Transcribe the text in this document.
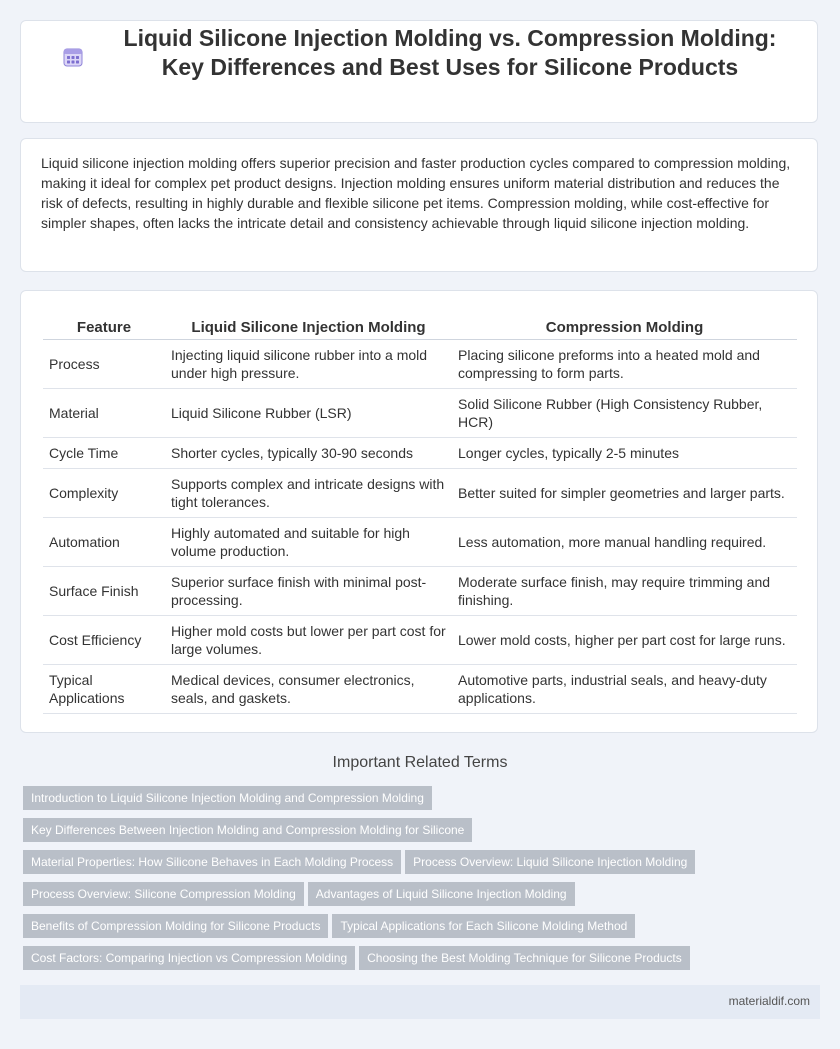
Liquid Silicone Injection Molding vs. Compression Molding: Key Differences and Best Uses for Silicone Products

Liquid silicone injection molding offers superior precision and faster production cycles compared to compression molding, making it ideal for complex pet product designs. Injection molding ensures uniform material distribution and reduces the risk of defects, resulting in highly durable and flexible silicone pet items. Compression molding, while cost-effective for simpler shapes, often lacks the intricate detail and consistency achievable through liquid silicone injection molding.

Feature	Liquid Silicone Injection Molding	Compression Molding
Process	Injecting liquid silicone rubber into a mold under high pressure.	Placing silicone preforms into a heated mold and compressing to form parts.
Material	Liquid Silicone Rubber (LSR)	Solid Silicone Rubber (High Consistency Rubber, HCR)
Cycle Time	Shorter cycles, typically 30-90 seconds	Longer cycles, typically 2-5 minutes
Complexity	Supports complex and intricate designs with tight tolerances.	Better suited for simpler geometries and larger parts.
Automation	Highly automated and suitable for high volume production.	Less automation, more manual handling required.
Surface Finish	Superior surface finish with minimal post-processing.	Moderate surface finish, may require trimming and finishing.
Cost Efficiency	Higher mold costs but lower per part cost for large volumes.	Lower mold costs, higher per part cost for large runs.
Typical Applications	Medical devices, consumer electronics, seals, and gaskets.	Automotive parts, industrial seals, and heavy-duty applications.
Important Related Terms
Introduction to Liquid Silicone Injection Molding and Compression Molding
Key Differences Between Injection Molding and Compression Molding for Silicone
Material Properties: How Silicone Behaves in Each Molding Process Process Overview: Liquid Silicone Injection Molding
Process Overview: Silicone Compression Molding Advantages of Liquid Silicone Injection Molding
Benefits of Compression Molding for Silicone Products Typical Applications for Each Silicone Molding Method
Cost Factors: Comparing Injection vs Compression Molding Choosing the Best Molding Technique for Silicone Products
materialdif.com
